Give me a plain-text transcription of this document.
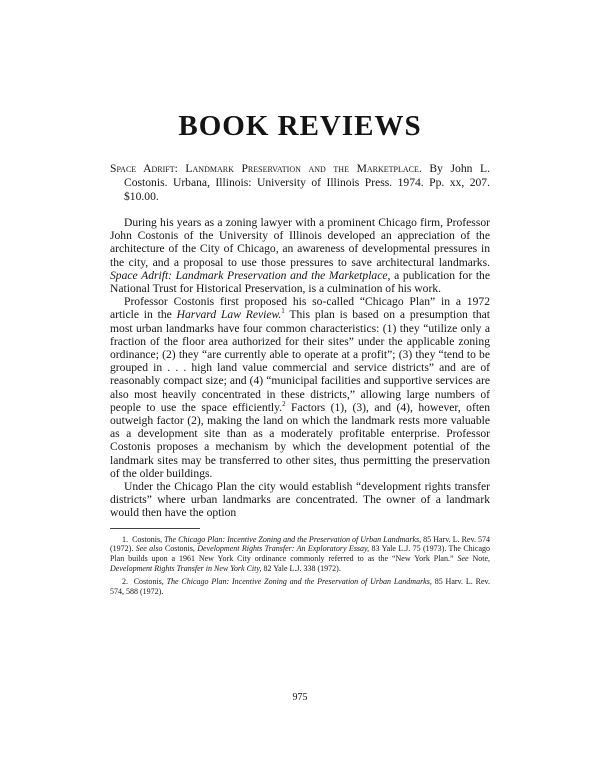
BOOK REVIEWS

Space Adrift: Landmark Preservation and the Marketplace. By John L. Costonis. Urbana, Illinois: University of Illinois Press. 1974. Pp. xx, 207. $10.00.

During his years as a zoning lawyer with a prominent Chicago firm, Professor John Costonis of the University of Illinois developed an appreciation of the architecture of the City of Chicago, an awareness of developmental pressures in the city, and a proposal to use those pressures to save architectural landmarks. Space Adrift: Landmark Preservation and the Marketplace, a publication for the National Trust for Historical Preservation, is a culmination of his work.

Professor Costonis first proposed his so-called “Chicago Plan” in a 1972 article in the Harvard Law Review.$^1$ This plan is based on a presumption that most urban landmarks have four common characteristics: (1) they “utilize only a fraction of the floor area authorized for their sites” under the applicable zoning ordinance; (2) they “are currently able to operate at a profit”; (3) they “tend to be grouped in . . . high land value commercial and service districts” and are of reasonably compact size; and (4) “municipal facilities and supportive services are also most heavily concentrated in these districts,” allowing large numbers of people to use the space efficiently.$^2$ Factors (1), (3), and (4), however, often outweigh factor (2), making the land on which the landmark rests more valuable as a development site than as a moderately profitable enterprise. Professor Costonis proposes a mechanism by which the development potential of the landmark sites may be transferred to other sites, thus permitting the preservation of the older buildings.

Under the Chicago Plan the city would establish “development rights transfer districts” where urban landmarks are concentrated. The owner of a landmark would then have the option

1. Costonis, The Chicago Plan: Incentive Zoning and the Preservation of Urban Landmarks, 85 Harv. L. Rev. 574 (1972). See also Costonis, Development Rights Transfer: An Exploratory Essay, 83 Yale L.J. 75 (1973). The Chicago Plan builds upon a 1961 New York City ordinance commonly referred to as the “New York Plan.” See Note, Development Rights Transfer in New York City, 82 Yale L.J. 338 (1972).

2. Costonis, The Chicago Plan: Incentive Zoning and the Preservation of Urban Landmarks, 85 Harv. L. Rev. 574, 588 (1972).

975
